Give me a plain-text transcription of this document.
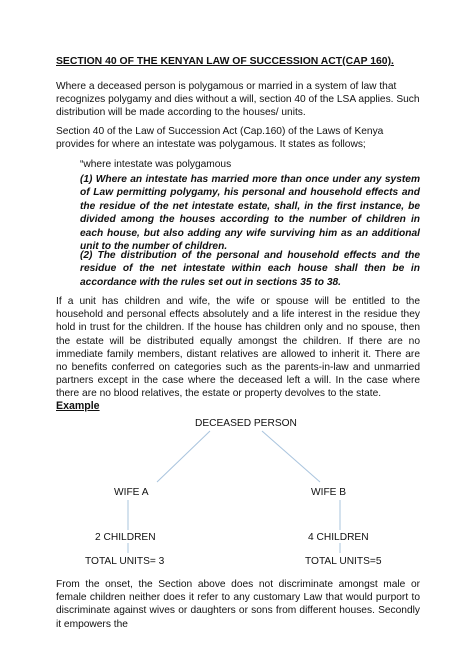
SECTION 40 OF THE KENYAN LAW OF SUCCESSION ACT(CAP 160).
Where a deceased person is polygamous or married in a system of law that recognizes polygamy and dies without a will, section 40 of the LSA applies. Such distribution will be made according to the houses/ units.
Section 40 of the Law of Succession Act (Cap.160) of the Laws of Kenya provides for where an intestate was polygamous. It states as follows;
“where intestate was polygamous
(1) Where an intestate has married more than once under any system of Law permitting polygamy, his personal and household effects and the residue of the net intestate estate, shall, in the first instance, be divided among the houses according to the number of children in each house, but also adding any wife surviving him as an additional unit to the number of children.
(2) The distribution of the personal and household effects and the residue of the net intestate within each house shall then be in accordance with the rules set out in sections 35 to 38.
If a unit has children and wife, the wife or spouse will be entitled to the household and personal effects absolutely and a life interest in the residue they hold in trust for the children. If the house has children only and no spouse, then the estate will be distributed equally amongst the children. If there are no immediate family members, distant relatives are allowed to inherit it. There are no benefits conferred on categories such as the parents-in-law and unmarried partners except in the case where the deceased left a will. In the case where there are no blood relatives, the estate or property devolves to the state.
Example
DECEASED PERSON
WIFE A	WIFE B
2 CHILDREN	4 CHILDREN
TOTAL UNITS= 3	TOTAL UNITS=5
From the onset, the Section above does not discriminate amongst male or female children neither does it refer to any customary Law that would purport to discriminate against wives or daughters or sons from different houses. Secondly it empowers the
